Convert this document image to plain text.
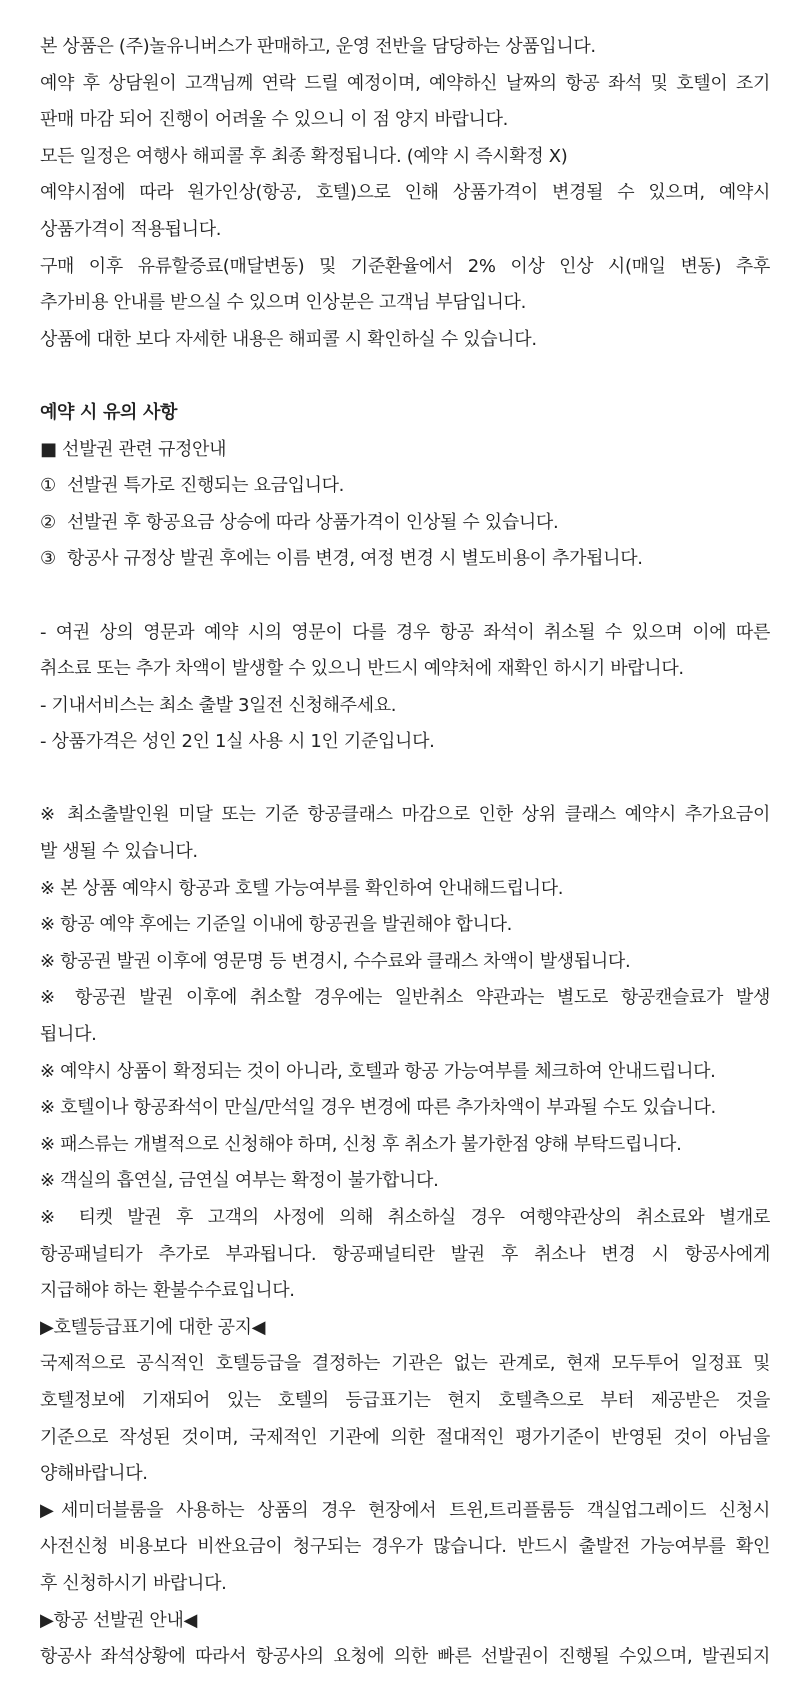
본 상품은 (주)놀유니버스가 판매하고, 운영 전반을 담당하는 상품입니다.
예약 후 상담원이 고객님께 연락 드릴 예정이며, 예약하신 날짜의 항공 좌석 및 호텔이 조기
판매 마감 되어 진행이 어려울 수 있으니 이 점 양지 바랍니다.
모든 일정은 여행사 해피콜 후 최종 확정됩니다. (예약 시 즉시확정 X)
예약시점에 따라 원가인상(항공, 호텔)으로 인해 상품가격이 변경될 수 있으며, 예약시
상품가격이 적용됩니다.
구매 이후 유류할증료(매달변동) 및 기준환율에서 2% 이상 인상 시(매일 변동) 추후
추가비용 안내를 받으실 수 있으며 인상분은 고객님 부담입니다.
상품에 대한 보다 자세한 내용은 해피콜 시 확인하실 수 있습니다.
예약 시 유의 사항
■ 선발권 관련 규정안내
① 선발권 특가로 진행되는 요금입니다.
② 선발권 후 항공요금 상승에 따라 상품가격이 인상될 수 있습니다.
③ 항공사 규정상 발권 후에는 이름 변경, 여정 변경 시 별도비용이 추가됩니다.
- 여권 상의 영문과 예약 시의 영문이 다를 경우 항공 좌석이 취소될 수 있으며 이에 따른
취소료 또는 추가 차액이 발생할 수 있으니 반드시 예약처에 재확인 하시기 바랍니다.
- 기내서비스는 최소 출발 3일전 신청해주세요.
- 상품가격은 성인 2인 1실 사용 시 1인 기준입니다.
※ 최소출발인원 미달 또는 기준 항공클래스 마감으로 인한 상위 클래스 예약시 추가요금이
발 생될 수 있습니다.
※ 본 상품 예약시 항공과 호텔 가능여부를 확인하여 안내해드립니다.
※ 항공 예약 후에는 기준일 이내에 항공권을 발권해야 합니다.
※ 항공권 발권 이후에 영문명 등 변경시, 수수료와 클래스 차액이 발생됩니다.
※ 항공권 발권 이후에 취소할 경우에는 일반취소 약관과는 별도로 항공캔슬료가 발생
됩니다.
※ 예약시 상품이 확정되는 것이 아니라, 호텔과 항공 가능여부를 체크하여 안내드립니다.
※ 호텔이나 항공좌석이 만실/만석일 경우 변경에 따른 추가차액이 부과될 수도 있습니다.
※ 패스류는 개별적으로 신청해야 하며, 신청 후 취소가 불가한점 양해 부탁드립니다.
※ 객실의 흡연실, 금연실 여부는 확정이 불가합니다.
※ 티켓 발권 후 고객의 사정에 의해 취소하실 경우 여행약관상의 취소료와 별개로
항공패널티가 추가로 부과됩니다. 항공패널티란 발권 후 취소나 변경 시 항공사에게
지급해야 하는 환불수수료입니다.
▶호텔등급표기에 대한 공지◀
국제적으로 공식적인 호텔등급을 결정하는 기관은 없는 관계로, 현재 모두투어 일정표 및
호텔정보에 기재되어 있는 호텔의 등급표기는 현지 호텔측으로 부터 제공받은 것을
기준으로 작성된 것이며, 국제적인 기관에 의한 절대적인 평가기준이 반영된 것이 아님을
양해바랍니다.
▶세미더블룸을 사용하는 상품의 경우 현장에서 트윈,트리플룸등 객실업그레이드 신청시
사전신청 비용보다 비싼요금이 청구되는 경우가 많습니다. 반드시 출발전 가능여부를 확인
후 신청하시기 바랍니다.
▶항공 선발권 안내◀
항공사 좌석상황에 따라서 항공사의 요청에 의한 빠른 선발권이 진행될 수있으며, 발권되지
